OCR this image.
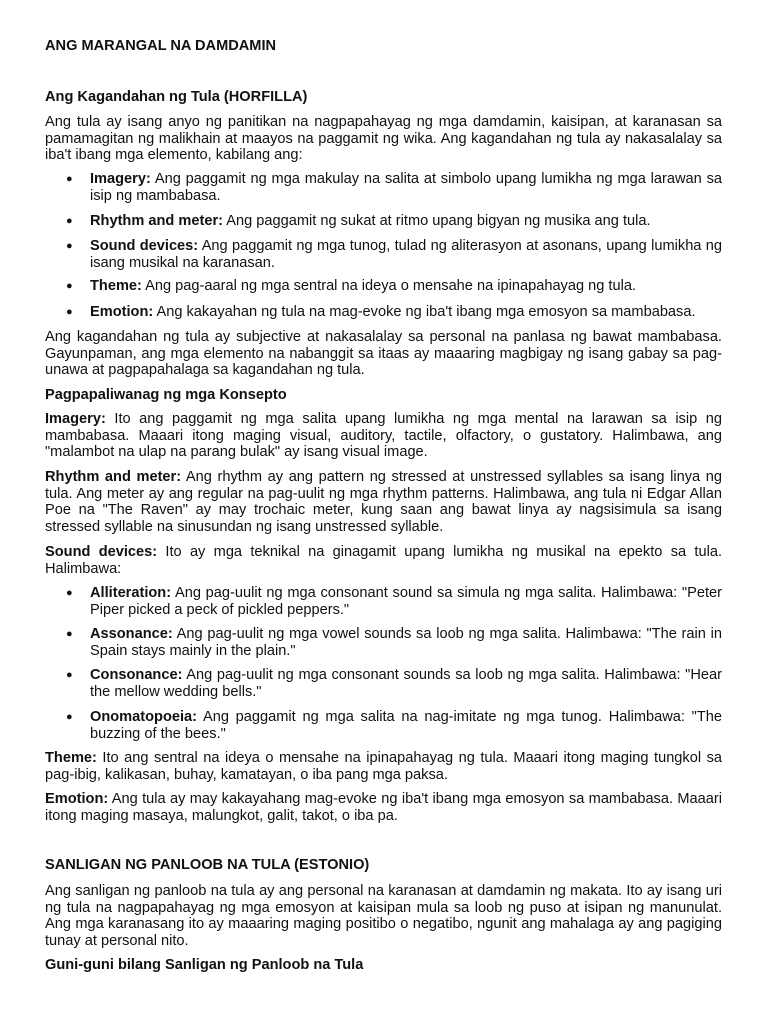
ANG MARANGAL NA DAMDAMIN

Ang Kagandahan ng Tula (HORFILLA)

Ang tula ay isang anyo ng panitikan na nagpapahayag ng mga damdamin, kaisipan, at karanasan sa pamamagitan ng malikhain at maayos na paggamit ng wika. Ang kagandahan ng tula ay nakasalalay sa iba't ibang mga elemento, kabilang ang:

● Imagery: Ang paggamit ng mga makulay na salita at simbolo upang lumikha ng mga larawan sa isip ng mambabasa.
● Rhythm and meter: Ang paggamit ng sukat at ritmo upang bigyan ng musika ang tula.
● Sound devices: Ang paggamit ng mga tunog, tulad ng aliterasyon at asonans, upang lumikha ng isang musikal na karanasan.
● Theme: Ang pag-aaral ng mga sentral na ideya o mensahe na ipinapahayag ng tula.
● Emotion: Ang kakayahan ng tula na mag-evoke ng iba't ibang mga emosyon sa mambabasa.

Ang kagandahan ng tula ay subjective at nakasalalay sa personal na panlasa ng bawat mambabasa. Gayunpaman, ang mga elemento na nabanggit sa itaas ay maaaring magbigay ng isang gabay sa pag-unawa at pagpapahalaga sa kagandahan ng tula.

Pagpapaliwanag ng mga Konsepto

Imagery: Ito ang paggamit ng mga salita upang lumikha ng mga mental na larawan sa isip ng mambabasa. Maaari itong maging visual, auditory, tactile, olfactory, o gustatory. Halimbawa, ang "malambot na ulap na parang bulak" ay isang visual image.

Rhythm and meter: Ang rhythm ay ang pattern ng stressed at unstressed syllables sa isang linya ng tula. Ang meter ay ang regular na pag-uulit ng mga rhythm patterns. Halimbawa, ang tula ni Edgar Allan Poe na "The Raven" ay may trochaic meter, kung saan ang bawat linya ay nagsisimula sa isang stressed syllable na sinusundan ng isang unstressed syllable.

Sound devices: Ito ay mga teknikal na ginagamit upang lumikha ng musikal na epekto sa tula. Halimbawa:

● Alliteration: Ang pag-uulit ng mga consonant sound sa simula ng mga salita. Halimbawa: "Peter Piper picked a peck of pickled peppers."
● Assonance: Ang pag-uulit ng mga vowel sounds sa loob ng mga salita. Halimbawa: "The rain in Spain stays mainly in the plain."
● Consonance: Ang pag-uulit ng mga consonant sounds sa loob ng mga salita. Halimbawa: "Hear the mellow wedding bells."
● Onomatopoeia: Ang paggamit ng mga salita na nag-imitate ng mga tunog. Halimbawa: "The buzzing of the bees."

Theme: Ito ang sentral na ideya o mensahe na ipinapahayag ng tula. Maaari itong maging tungkol sa pag-ibig, kalikasan, buhay, kamatayan, o iba pang mga paksa.

Emotion: Ang tula ay may kakayahang mag-evoke ng iba't ibang mga emosyon sa mambabasa. Maaari itong maging masaya, malungkot, galit, takot, o iba pa.

SANLIGAN NG PANLOOB NA TULA (ESTONIO)

Ang sanligan ng panloob na tula ay ang personal na karanasan at damdamin ng makata. Ito ay isang uri ng tula na nagpapahayag ng mga emosyon at kaisipan mula sa loob ng puso at isipan ng manunulat. Ang mga karanasang ito ay maaaring maging positibo o negatibo, ngunit ang mahalaga ay ang pagiging tunay at personal nito.

Guni-guni bilang Sanligan ng Panloob na Tula
